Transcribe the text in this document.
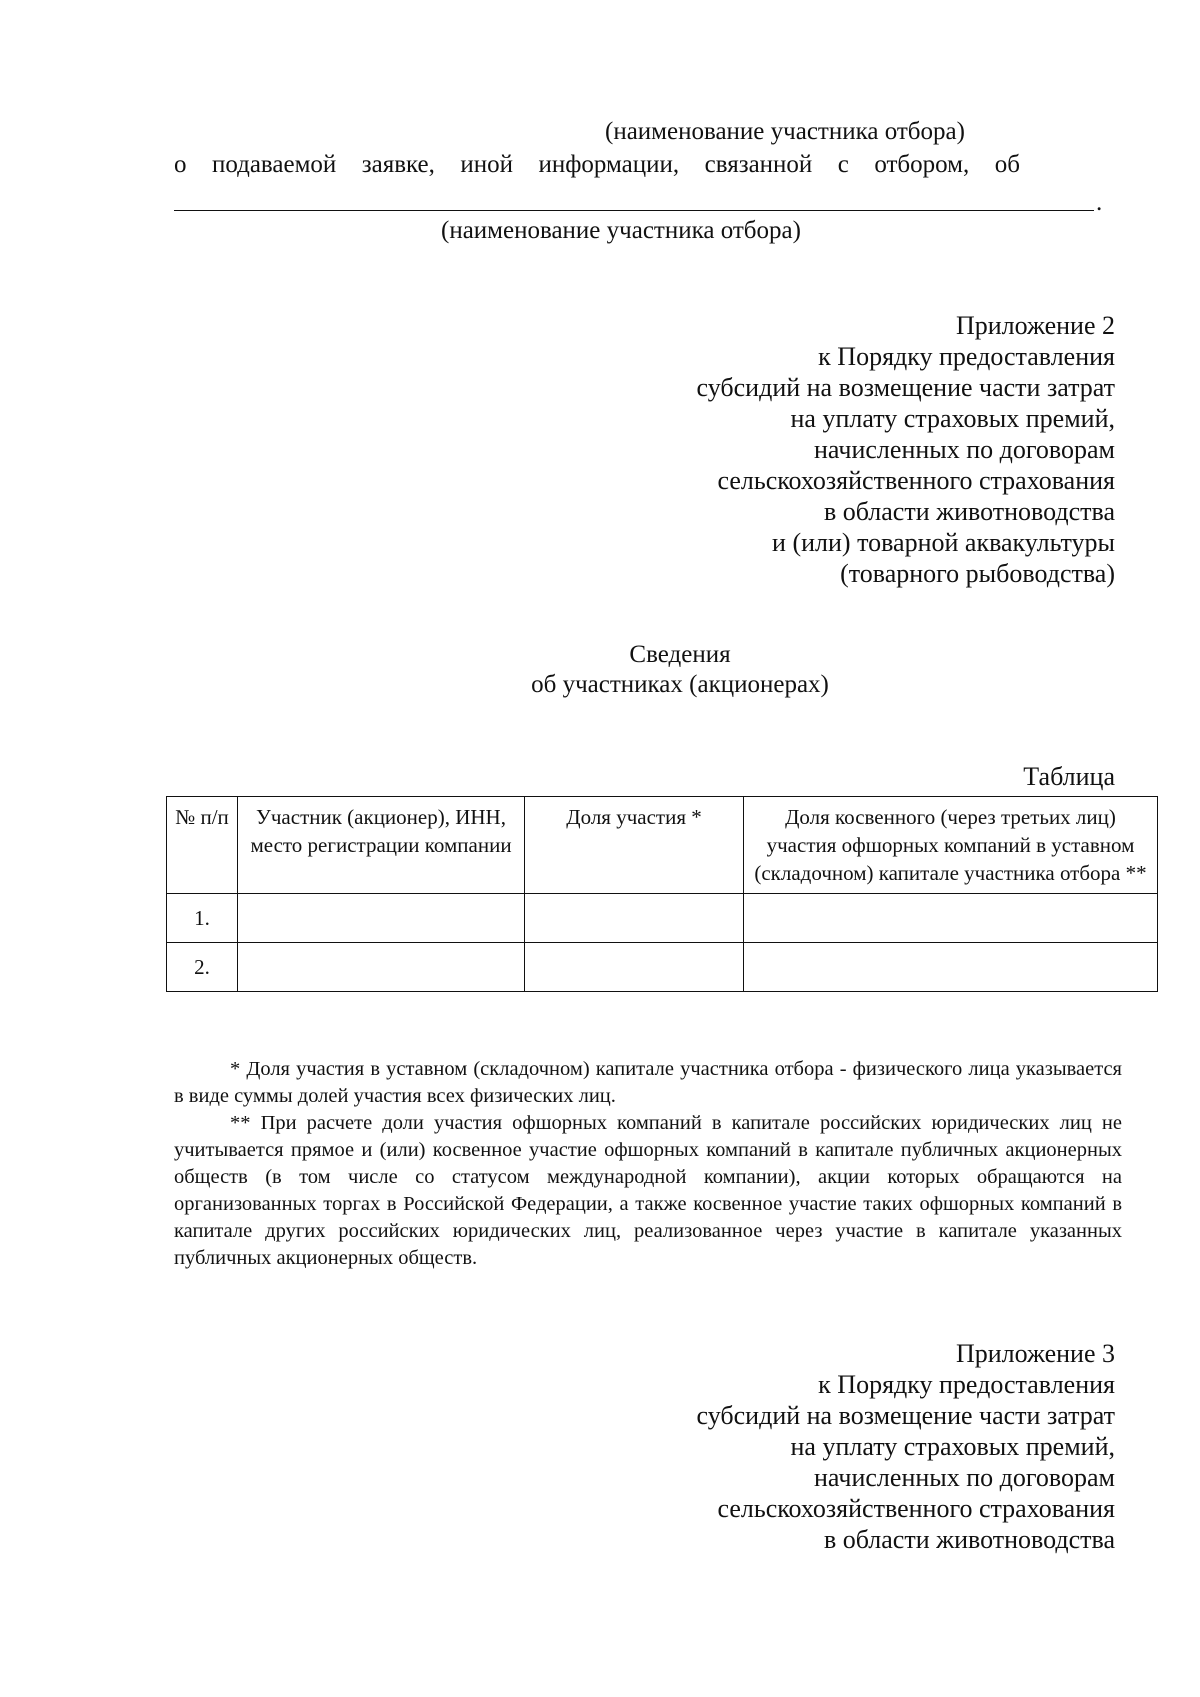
(наименование участника отбора)
о подаваемой заявке, иной информации, связанной с отбором, об
.
(наименование участника отбора)
Приложение 2
к Порядку предоставления
субсидий на возмещение части затрат
на уплату страховых премий,
начисленных по договорам
сельскохозяйственного страхования
в области животноводства
и (или) товарной аквакультуры
(товарного рыбоводства)
Сведения
об участниках (акционерах)
Таблица
№ п/п	Участник (акционер), ИНН, место регистрации компании	Доля участия *	Доля косвенного (через третьих лиц) участия офшорных компаний в уставном (складочном) капитале участника отбора **
1.			
2.			

* Доля участия в уставном (складочном) капитале участника отбора - физического лица указывается в виде суммы долей участия всех физических лиц.

** При расчете доли участия офшорных компаний в капитале российских юридических лиц не учитывается прямое и (или) косвенное участие офшорных компаний в капитале публичных акционерных обществ (в том числе со статусом международной компании), акции которых обращаются на организованных торгах в Российской Федерации, а также косвенное участие таких офшорных компаний в капитале других российских юридических лиц, реализованное через участие в капитале указанных публичных акционерных обществ.

Приложение 3
к Порядку предоставления
субсидий на возмещение части затрат
на уплату страховых премий,
начисленных по договорам
сельскохозяйственного страхования
в области животноводства
